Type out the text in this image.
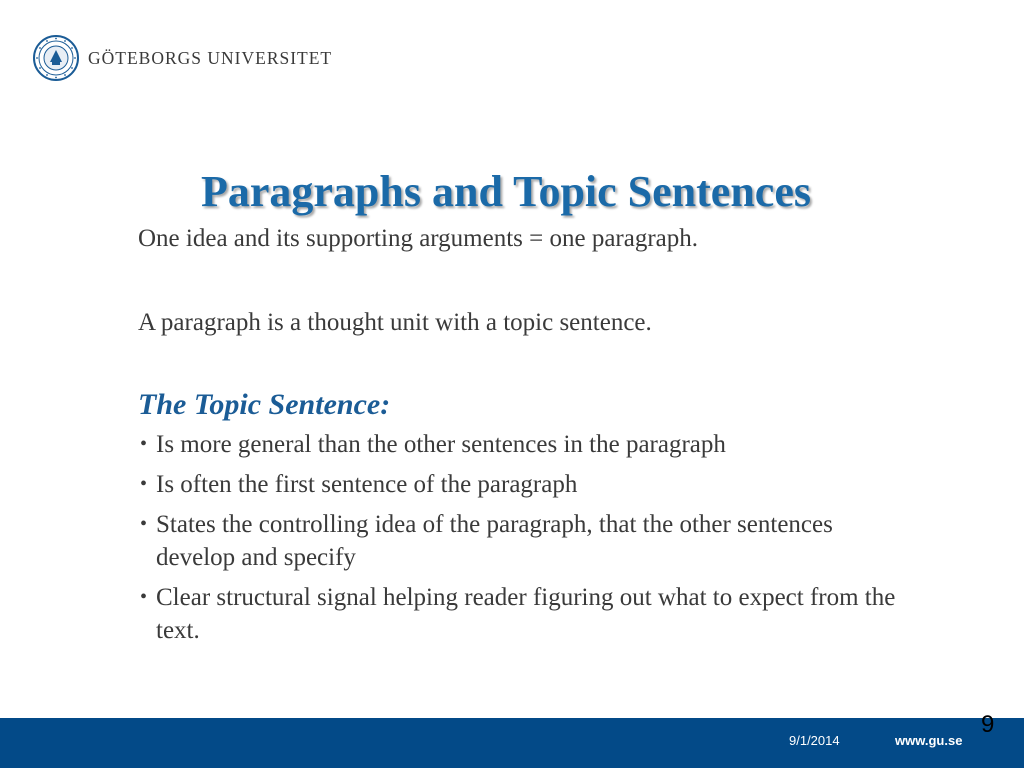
GÖTEBORGS UNIVERSITET
Paragraphs and Topic Sentences

One idea and its supporting arguments = one paragraph.

A paragraph is a thought unit with a topic sentence.

The Topic Sentence:

• Is more general than the other sentences in the paragraph
• Is often the first sentence of the paragraph
• States the controlling idea of the paragraph, that the other sentences develop and specify
• Clear structural signal helping reader figuring out what to expect from the text.
9/1/2014	www.gu.se
9
